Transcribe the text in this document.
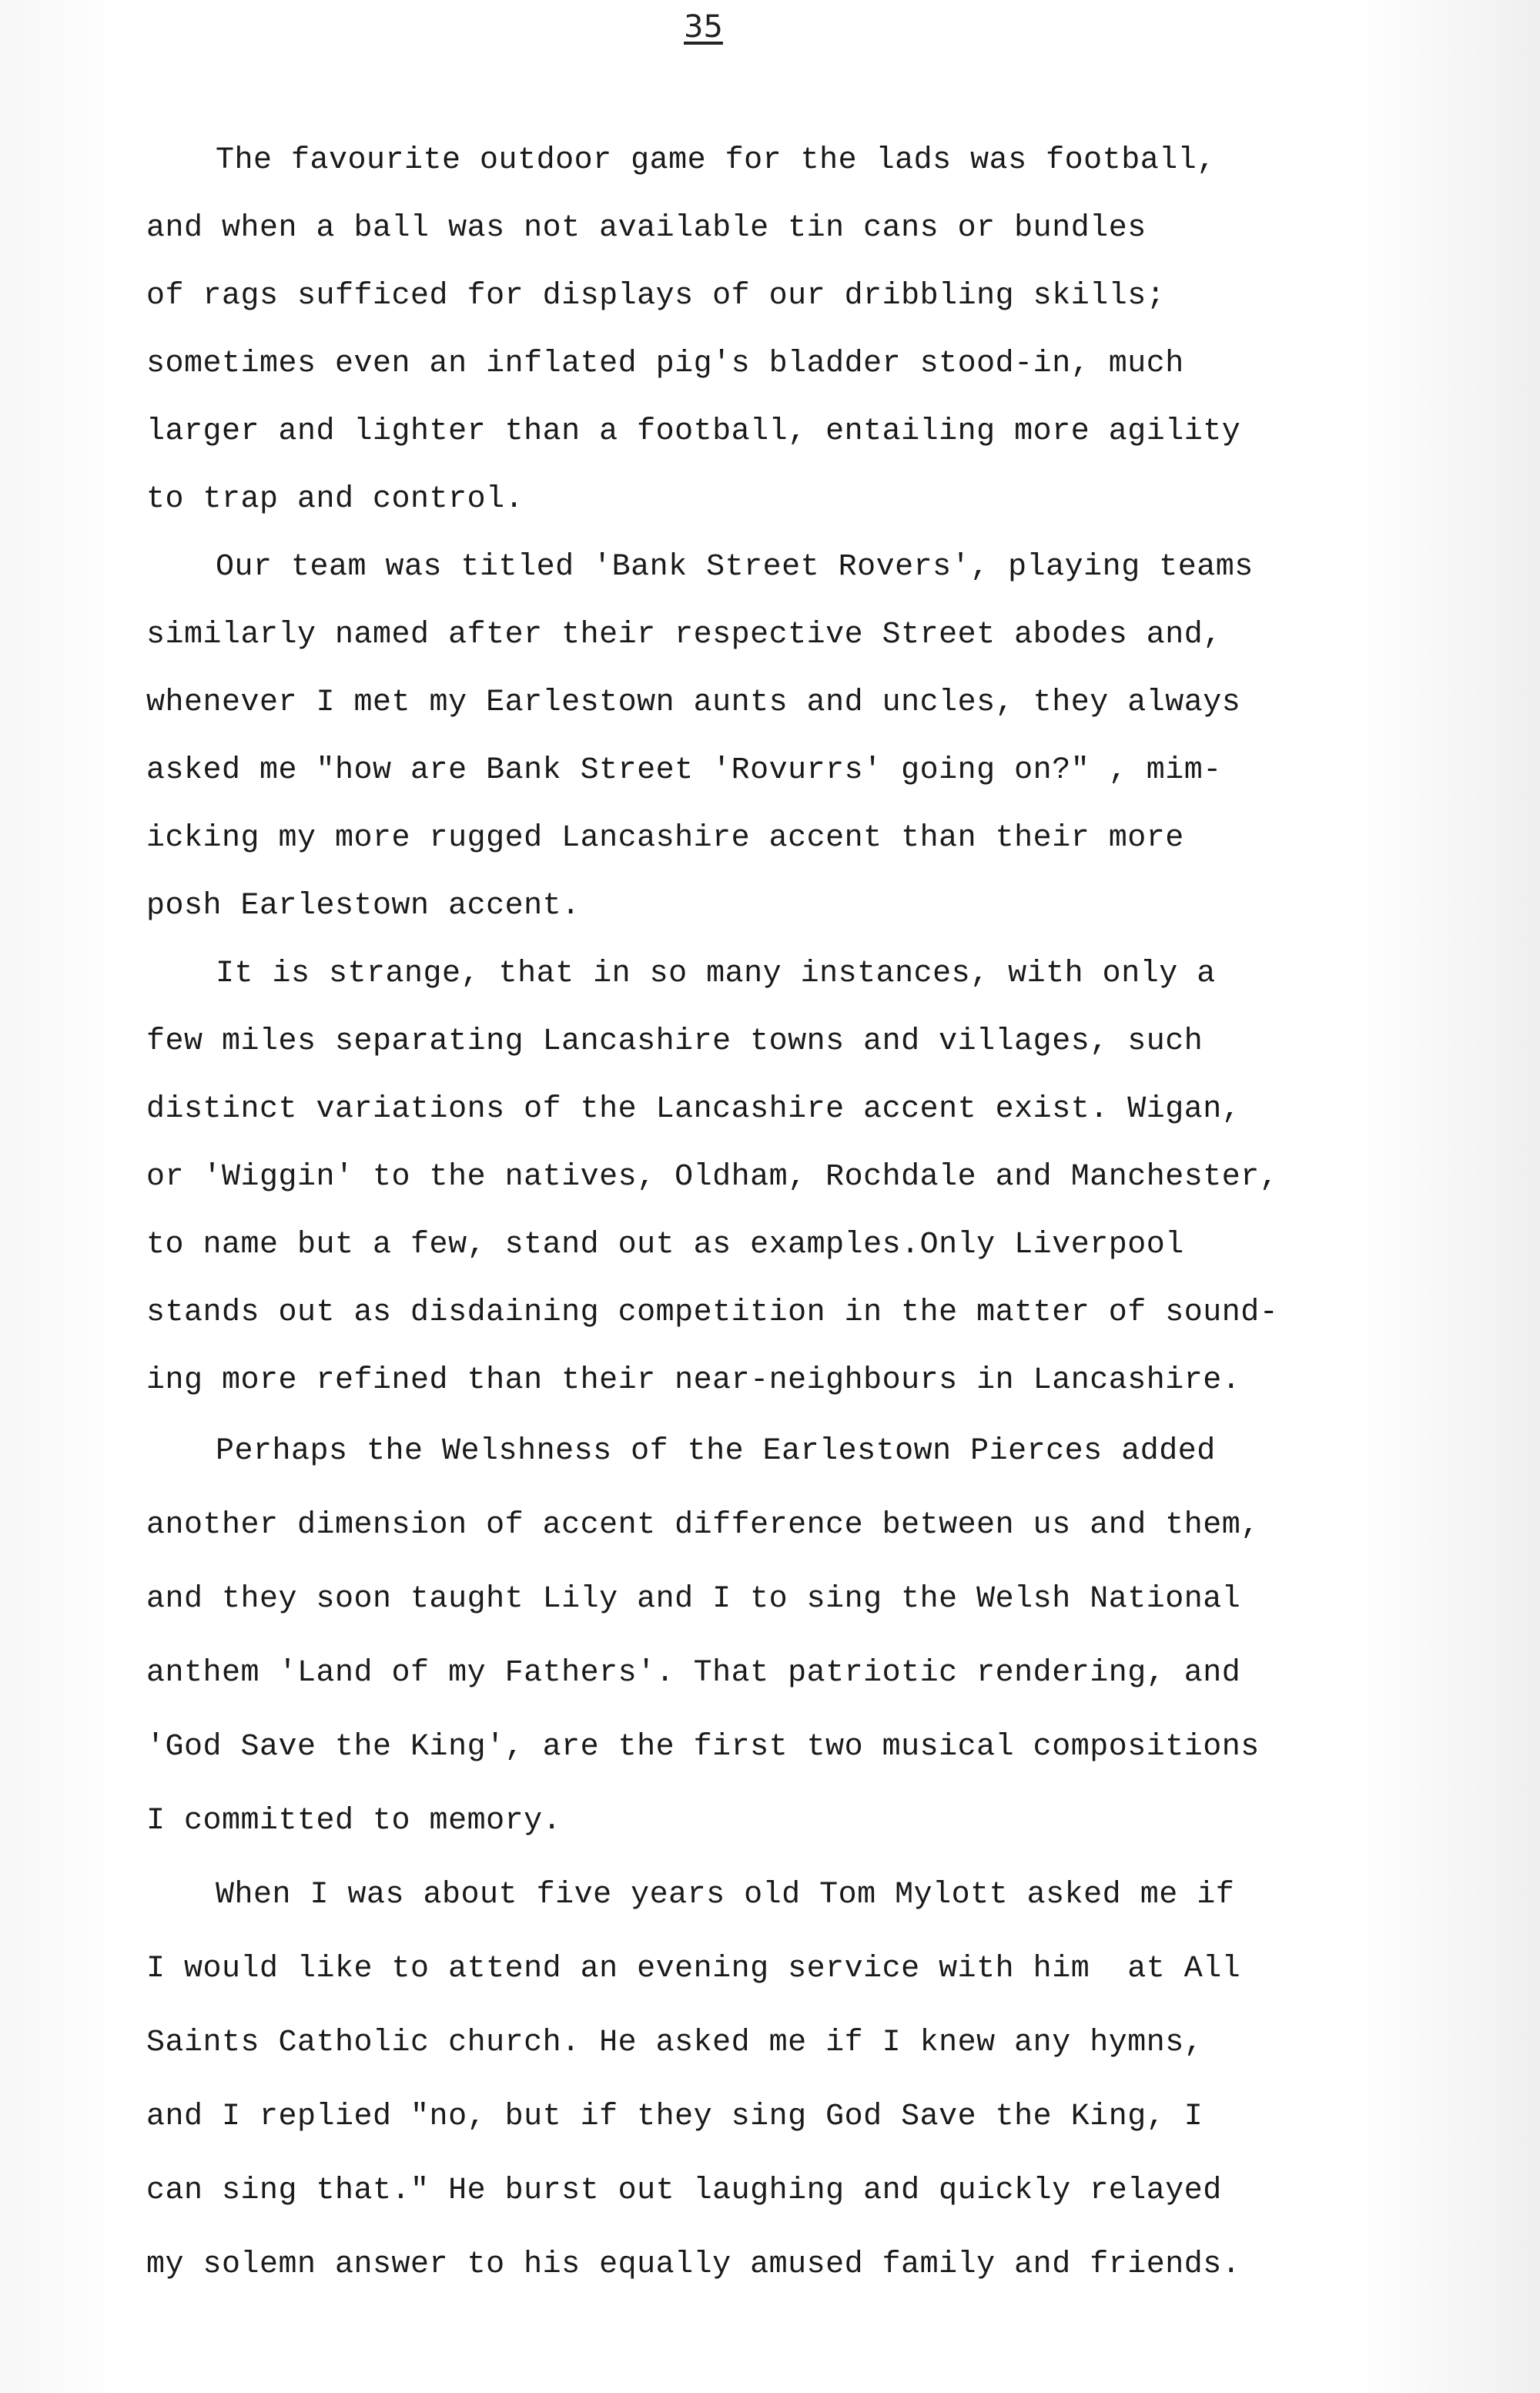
35
The favourite outdoor game for the lads was football,
and when a ball was not available tin cans or bundles
of rags sufficed for displays of our dribbling skills;
sometimes even an inflated pig's bladder stood-in, much
larger and lighter than a football, entailing more agility
to trap and control.
Our team was titled 'Bank Street Rovers', playing teams
similarly named after their respective Street abodes and,
whenever I met my Earlestown aunts and uncles, they always
asked me "how are Bank Street 'Rovurrs' going on?" , mim-
icking my more rugged Lancashire accent than their more
posh Earlestown accent.
It is strange, that in so many instances, with only a
few miles separating Lancashire towns and villages, such
distinct variations of the Lancashire accent exist. Wigan,
or 'Wiggin' to the natives, Oldham, Rochdale and Manchester,
to name but a few, stand out as examples.Only Liverpool
stands out as disdaining competition in the matter of sound-
ing more refined than their near-neighbours in Lancashire.
Perhaps the Welshness of the Earlestown Pierces added
another dimension of accent difference between us and them,
and they soon taught Lily and I to sing the Welsh National
anthem 'Land of my Fathers'. That patriotic rendering, and
'God Save the King', are the first two musical compositions
I committed to memory.
When I was about five years old Tom Mylott asked me if
I would like to attend an evening service with him  at All
Saints Catholic church. He asked me if I knew any hymns,
and I replied "no, but if they sing God Save the King, I
can sing that." He burst out laughing and quickly relayed
my solemn answer to his equally amused family and friends.
